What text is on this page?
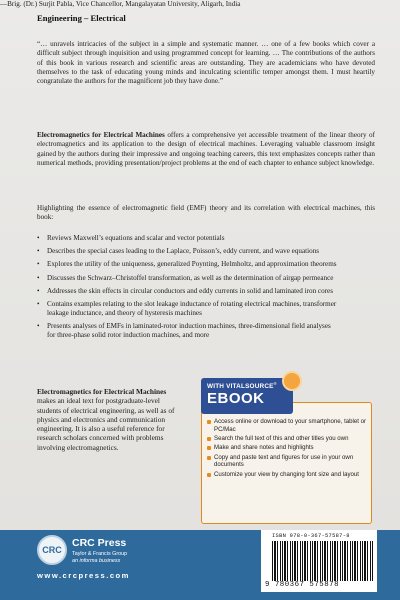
Engineering – Electrical

“… unravels intricacies of the subject in a simple and systematic manner. … one of a few books which cover a difficult subject through inquisition and using programmed concept for learning. … The contributions of the authors of this book in various research and scientific areas are outstanding. They are academicians who have devoted themselves to the task of educating young minds and inculcating scientific temper amongst them. I must heartily congratulate the authors for the magnificent job they have done.”

—Brig. (Dr.) Surjit Pabla, Vice Chancellor, Mangalayatan University, Aligarh, India

Electromagnetics for Electrical Machines offers a comprehensive yet accessible treatment of the linear theory of electromagnetics and its application to the design of electrical machines. Leveraging valuable classroom insight gained by the authors during their impressive and ongoing teaching careers, this text emphasizes concepts rather than numerical methods, providing presentation/project problems at the end of each chapter to enhance subject knowledge.

Highlighting the essence of electromagnetic field (EMF) theory and its correlation with electrical machines, this book:

• Reviews Maxwell’s equations and scalar and vector potentials
• Describes the special cases leading to the Laplace, Poisson’s, eddy current, and wave equations
• Explores the utility of the uniqueness, generalized Poynting, Helmholtz, and approximation theorems
• Discusses the Schwarz–Christoffel transformation, as well as the determination of airgap permeance
• Addresses the skin effects in circular conductors and eddy currents in solid and laminated iron cores
• Contains examples relating to the slot leakage inductance of rotating electrical machines, transformer leakage inductance, and theory of hysteresis machines
• Presents analyses of EMFs in laminated-rotor induction machines, three-dimensional field analyses for three-phase solid rotor induction machines, and more

Electromagnetics for Electrical Machines makes an ideal text for postgraduate-level students of electrical engineering, as well as of physics and electronics and communication engineering. It is also a useful reference for research scholars concerned with problems involving electromagnetics.

WITH VITALSOURCE®
EBOOK
Access online or download to your smartphone, tablet or PC/Mac
Search the full text of this and other titles you own
Make and share notes and highlights
Copy and paste text and figures for use in your own documents
Customize your view by changing font size and layout
CRC
CRC Press
Taylor & Francis Group
an informa business
www.crcpress.com
ISBN 978-0-367-57587-8
9 780367 575878
